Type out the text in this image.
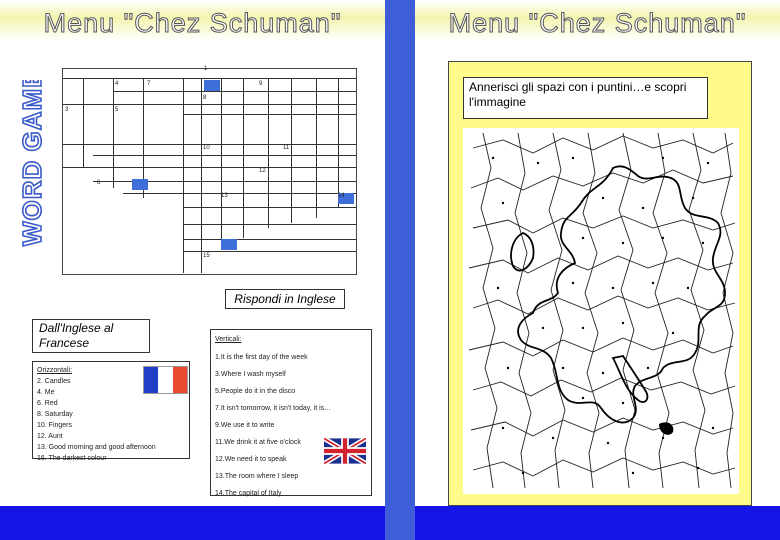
Menu "Chez Schuman"
WORD GAMES	1
3
4
5
6
7
8
9
10	11
12
13	14
15
Rispondi in Inglese
Dall'Inglese al Francese
Orizzontali:
2. Candles
4. Me
6. Red
8. Saturday
10. Fingers
12. Aunt
13. Good morning and good afternoon
16. The darkest colour
Verticali:
1.It is the first day of the week
3.Where I wash myself
5.People do it in the disco
7.It isn't tomorrow, it isn't today, it is…
9.We use it to write
11.We drink it at five o'clock
12.We need it to speak
13.The room where I sleep
14.The capital of Italy
Menu "Chez Schuman"
Annerisci gli spazi con i puntini…e scopri l'immagine
